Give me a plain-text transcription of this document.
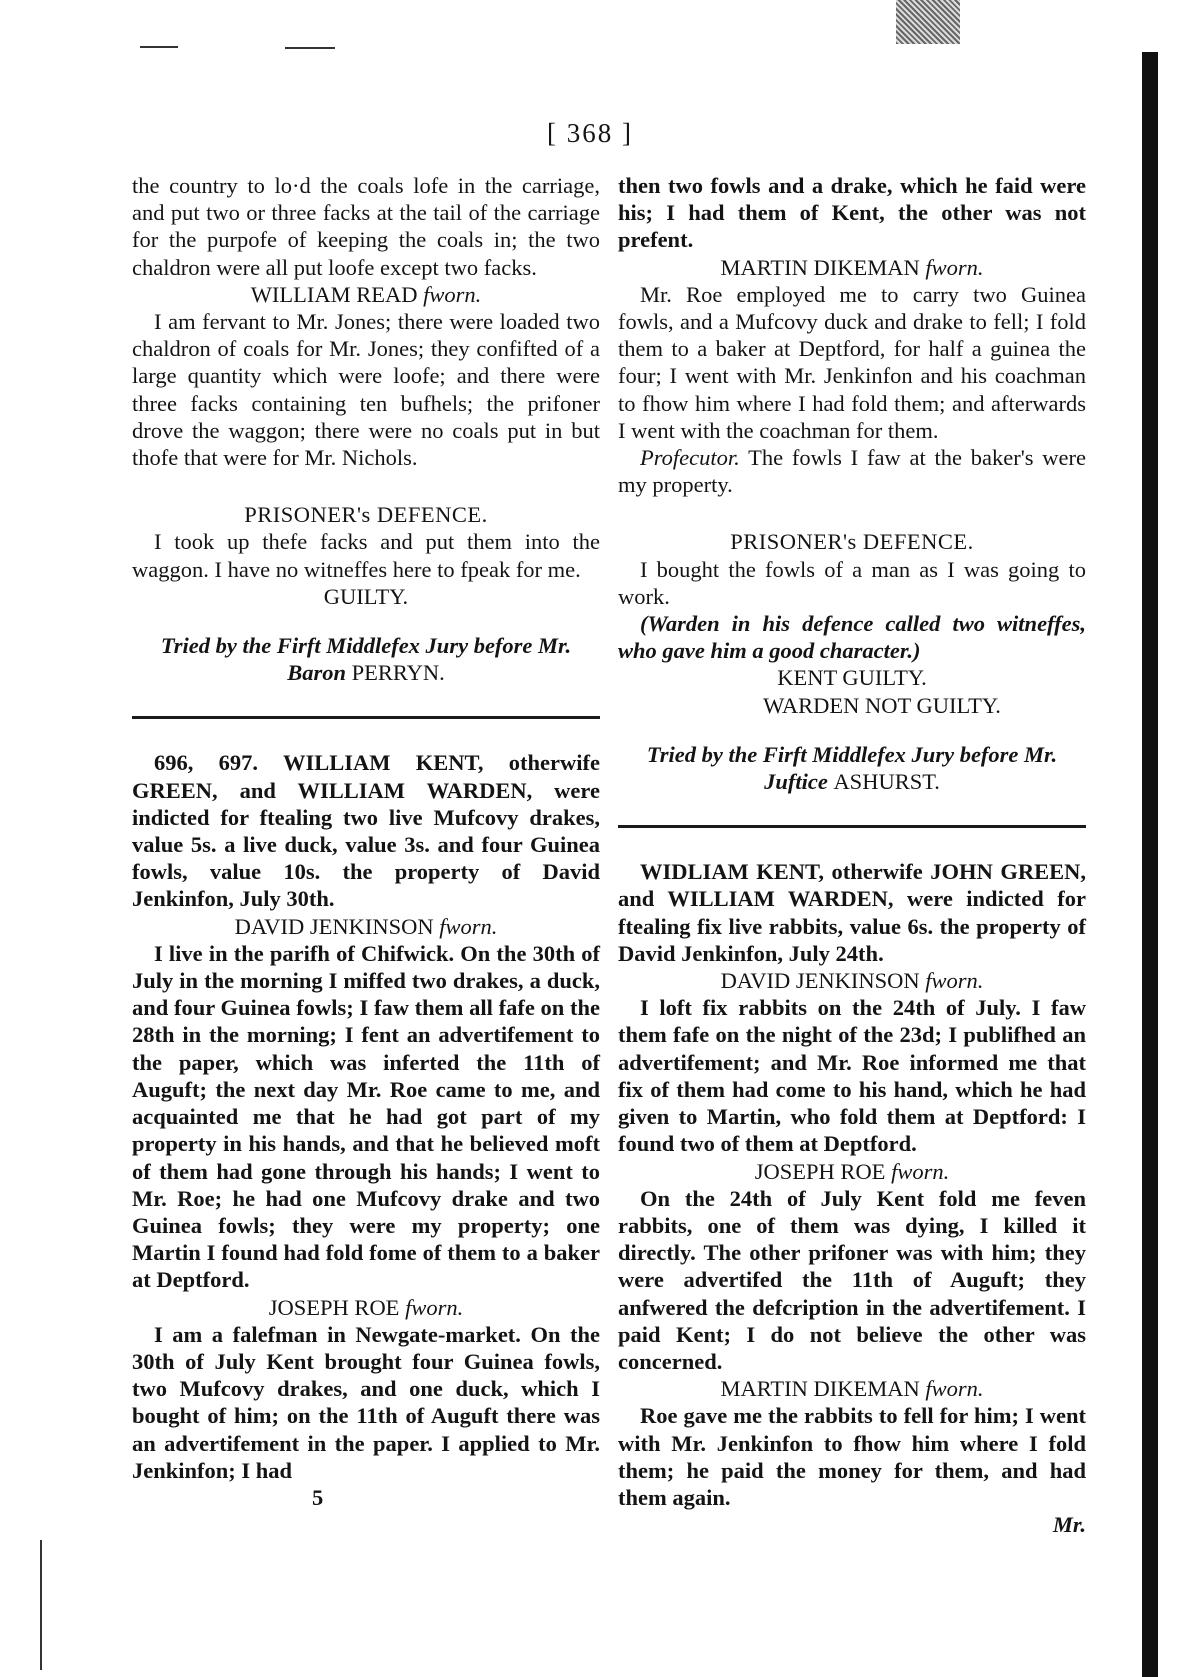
[ 368 ]

the country to lo·d the coals lofe in the carriage, and put two or three facks at the tail of the carriage for the purpofe of keeping the coals in; the two chaldron were all put loofe except two facks.

WILLIAM READ fworn.

I am fervant to Mr. Jones; there were loaded two chaldron of coals for Mr. Jones; they confifted of a large quantity which were loofe; and there were three facks containing ten bufhels; the prifoner drove the waggon; there were no coals put in but thofe that were for Mr. Nichols.

PRISONER's DEFENCE.

I took up thefe facks and put them into the waggon. I have no witneffes here to fpeak for me.

GUILTY.

Tried by the Firft Middlefex Jury before Mr.

Baron PERRYN.

696, 697. WILLIAM KENT, otherwife GREEN, and WILLIAM WARDEN, were indicted for ftealing two live Mufcovy drakes, value 5s. a live duck, value 3s. and four Guinea fowls, value 10s. the property of David Jenkinfon, July 30th.

DAVID JENKINSON fworn.

I live in the parifh of Chifwick. On the 30th of July in the morning I miffed two drakes, a duck, and four Guinea fowls; I faw them all fafe on the 28th in the morning; I fent an advertifement to the paper, which was inferted the 11th of Auguft; the next day Mr. Roe came to me, and acquainted me that he had got part of my property in his hands, and that he believed moft of them had gone through his hands; I went to Mr. Roe; he had one Mufcovy drake and two Guinea fowls; they were my property; one Martin I found had fold fome of them to a baker at Deptford.

JOSEPH ROE fworn.

I am a falefman in Newgate-market. On the 30th of July Kent brought four Guinea fowls, two Mufcovy drakes, and one duck, which I bought of him; on the 11th of Auguft there was an advertifement in the paper. I applied to Mr. Jenkinfon; I had

5

then two fowls and a drake, which he faid were his; I had them of Kent, the other was not prefent.

MARTIN DIKEMAN fworn.

Mr. Roe employed me to carry two Guinea fowls, and a Mufcovy duck and drake to fell; I fold them to a baker at Deptford, for half a guinea the four; I went with Mr. Jenkinfon and his coachman to fhow him where I had fold them; and afterwards I went with the coachman for them.

Profecutor. The fowls I faw at the baker's were my property.

PRISONER's DEFENCE.

I bought the fowls of a man as I was going to work.

(Warden in his defence called two witneffes, who gave him a good character.)

KENT GUILTY.

WARDEN NOT GUILTY.

Tried by the Firft Middlefex Jury before Mr.

Juftice ASHURST.

WIDLIAM KENT, otherwife JOHN GREEN, and WILLIAM WARDEN, were indicted for ftealing fix live rabbits, value 6s. the property of David Jenkinfon, July 24th.

DAVID JENKINSON fworn.

I loft fix rabbits on the 24th of July. I faw them fafe on the night of the 23d; I publifhed an advertifement; and Mr. Roe informed me that fix of them had come to his hand, which he had given to Martin, who fold them at Deptford: I found two of them at Deptford.

JOSEPH ROE fworn.

On the 24th of July Kent fold me feven rabbits, one of them was dying, I killed it directly. The other prifoner was with him; they were advertifed the 11th of Auguft; they anfwered the defcription in the advertifement. I paid Kent; I do not believe the other was concerned.

MARTIN DIKEMAN fworn.

Roe gave me the rabbits to fell for him; I went with Mr. Jenkinfon to fhow him where I fold them; he paid the money for them, and had them again.

Mr.
